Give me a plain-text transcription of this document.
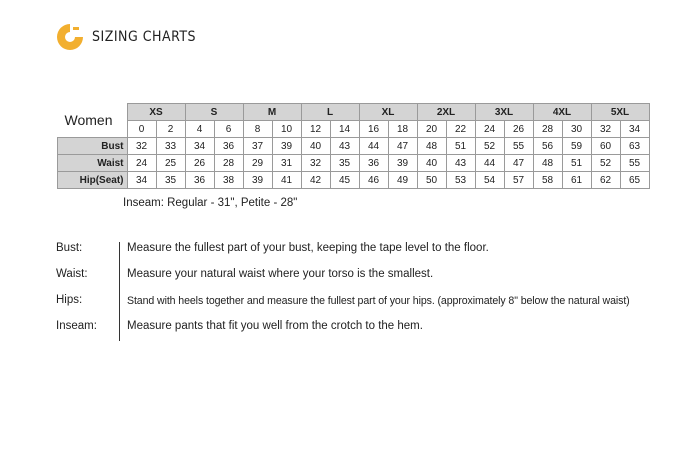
SIZING CHARTS
Women	XS		S		M		L		XL		2XL		3XL		4XL		5XL	
	0	2	4	6	8	10	12	14	16	18	20	22	24	26	28	30	32	34
Bust	32	33	34	36	37	39	40	43	44	47	48	51	52	55	56	59	60	63
Waist	24	25	26	28	29	31	32	35	36	39	40	43	44	47	48	51	52	55
Hip(Seat)	34	35	36	38	39	41	42	45	46	49	50	53	54	57	58	61	62	65
Inseam: Regular - 31", Petite - 28"
Bust:	Measure the fullest part of your bust, keeping the tape level to the floor.
Waist:	Measure your natural waist where your torso is the smallest.
Hips:	Stand with heels together and measure the fullest part of your hips. (approximately 8" below the natural waist)
Inseam:	Measure pants that fit you well from the crotch to the hem.
